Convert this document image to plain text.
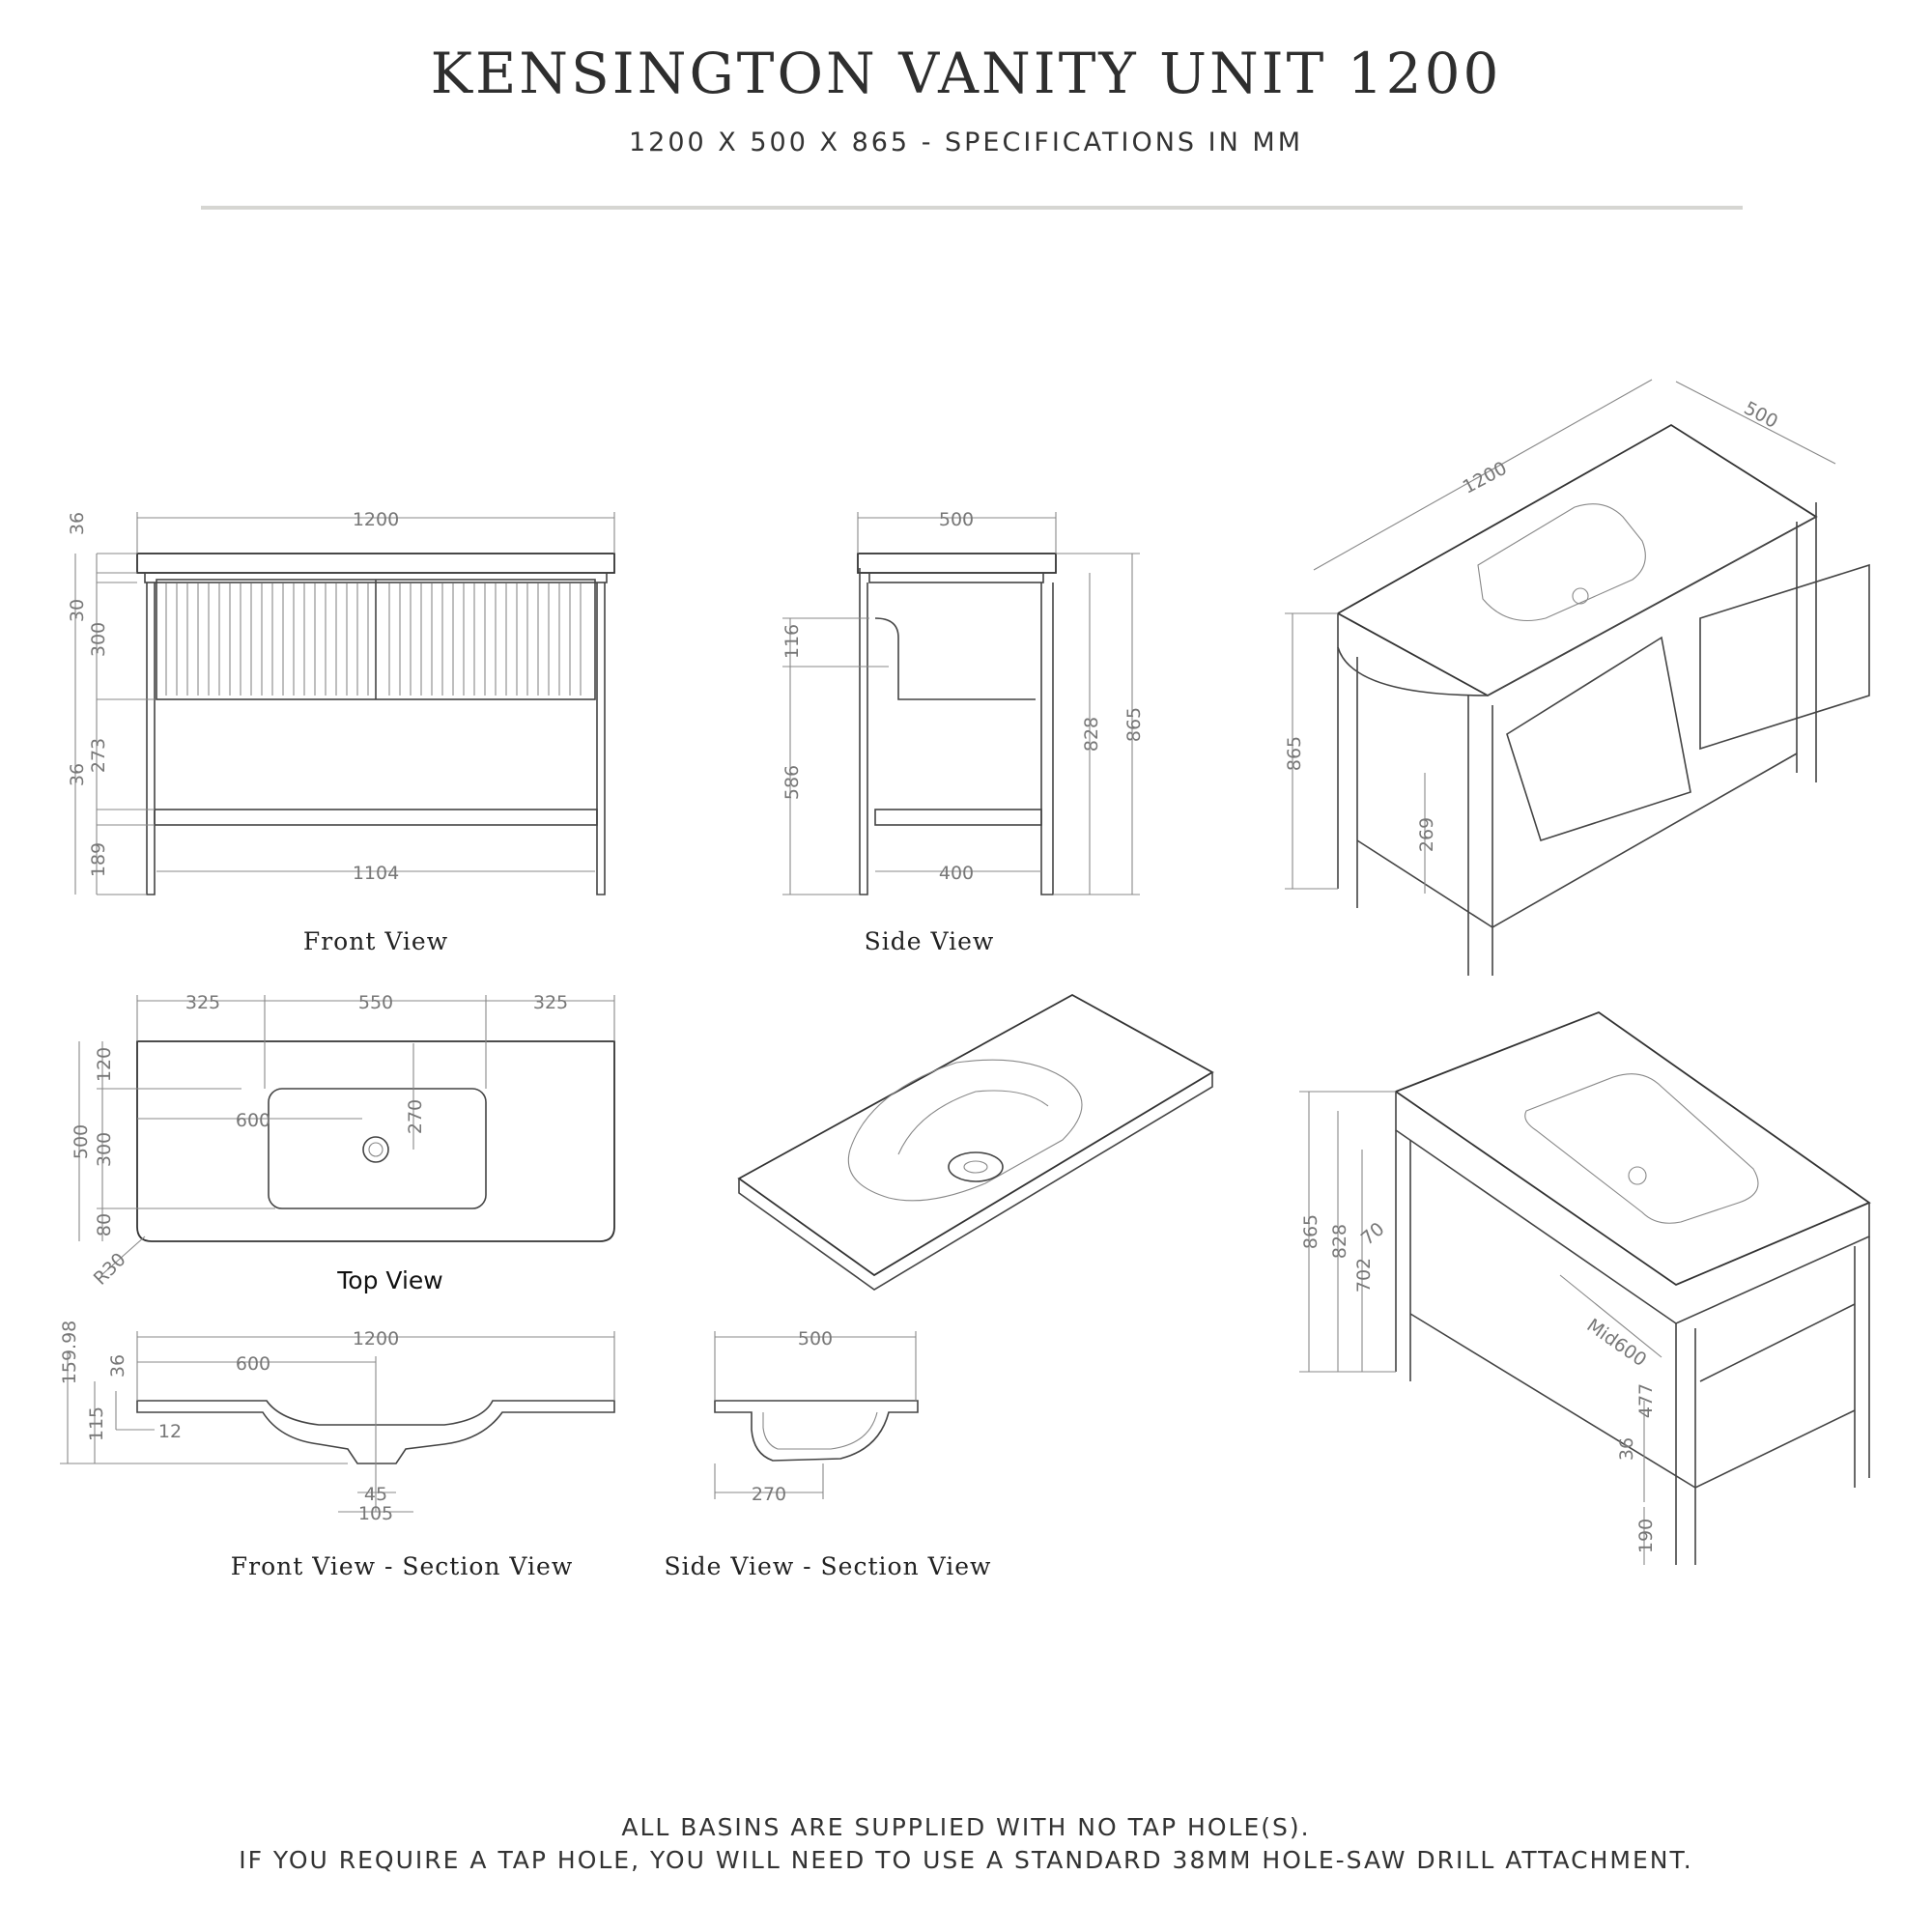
KENSINGTON VANITY UNIT 1200
1200 X 500 X 865 - SPECIFICATIONS IN MM
1200
1104
36
30
300
273
36
189
Front View
500
400
116
586
828 865
Side View
1200
500
865
269
325	550	325
600	270
120
300
80
500
R30	Top View
865 828
702
70
Mid600
477
36
190
1200
600
159.98 36
115	12
45
105
Front View - Section View
500
270
Side View - Section View
ALL BASINS ARE SUPPLIED WITH NO TAP HOLE(S).
IF YOU REQUIRE A TAP HOLE, YOU WILL NEED TO USE A STANDARD 38MM HOLE-SAW DRILL ATTACHMENT.
